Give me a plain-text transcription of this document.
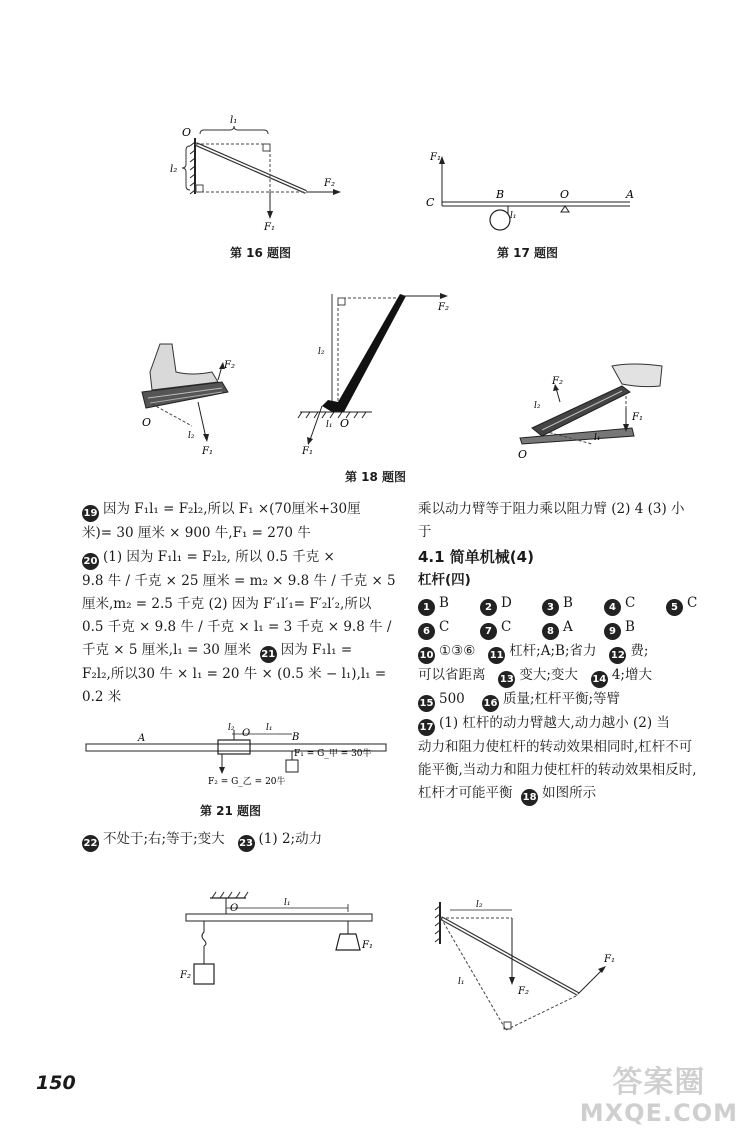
O
l₁
l₂
F₂
F₁
第 16 题图
F₁
C
B
l₁
O	A
第 17 题图
F₂
O
l₂
F₁
F₂
l₂
l₁ O
F₁
F₂
l₂
F₁
l₁
O
第 18 题图
19 因为 F₁l₁ = F₂l₂,所以 F₁ ×(70厘米+30厘
米)= 30 厘米 × 900 牛,F₁ = 270 牛
20 (1) 因为 F₁l₁ = F₂l₂, 所以 0.5 千克 ×
9.8 牛 / 千克 × 25 厘米 = m₂ × 9.8 牛 / 千克 × 5
厘米,m₂ = 2.5 千克 (2) 因为 F′₁l′₁= F′₂l′₂,所以
0.5 千克 × 9.8 牛 / 千克 × l₁ = 3 千克 × 9.8 牛 /
千克 × 5 厘米,l₁ = 30 厘米 21 因为 F₁l₁ =
F₂l₂,所以30 牛 × l₁ = 20 牛 × (0.5 米 − l₁),l₁ =
0.2 米
A
l₂ O l₁
B
F₁ = G_甲 = 30牛
F₂ = G_乙 = 20牛
第 21 题图
22 不处于;右;等于;变大 23 (1) 2;动力
乘以动力臂等于阻力乘以阻力臂 (2) 4 (3) 小
于
4.1 简单机械(4)
杠杆(四)
1 B	2 D	3 B	4 C	5 C
6 C	7 C	8 A	9 B
10 ①③⑥ 11 杠杆;A;B;省力 12 费;
可以省距离 13 变大;变大 14 4;增大
15 500 16 质量;杠杆平衡;等臂
17 (1) 杠杆的动力臂越大,动力越小 (2) 当
动力和阻力使杠杆的转动效果相同时,杠杆不可
能平衡,当动力和阻力使杠杆的转动效果相反时,
杠杆才可能平衡 18 如图所示
O	l₁
F₁
F₂
l₂
F₂
F₁
l₁
150	答案圈
MXQE.COM
